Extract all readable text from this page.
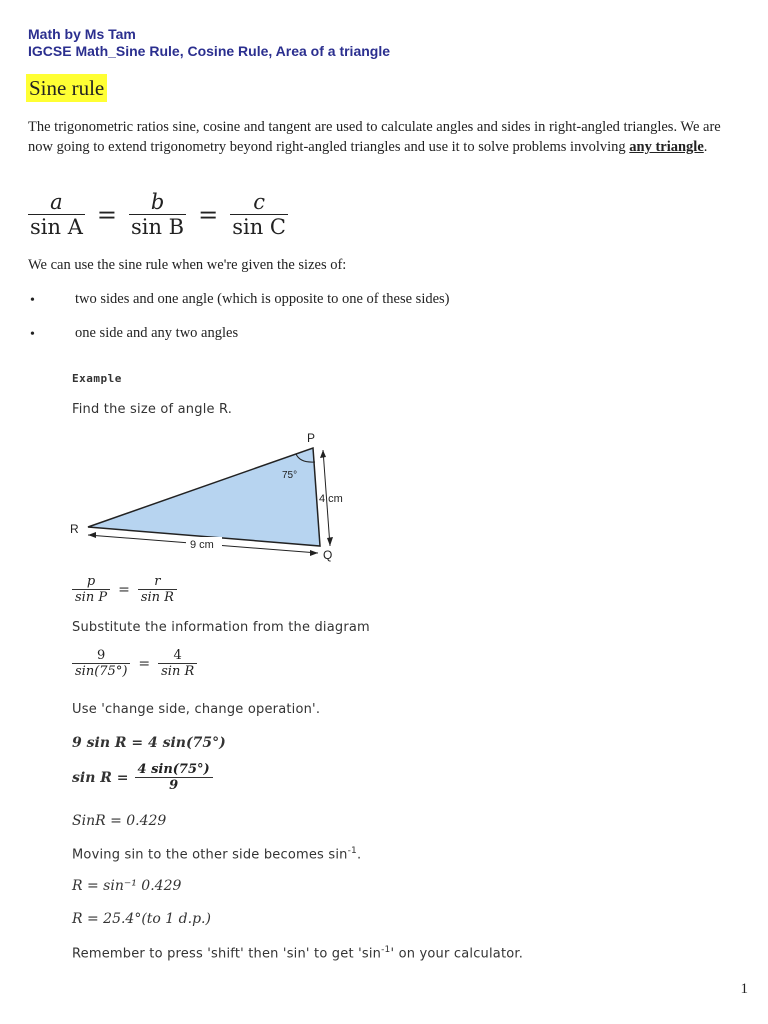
Math by Ms Tam
IGCSE Math_Sine Rule, Cosine Rule, Area of a triangle
Sine rule
The trigonometric ratios sine, cosine and tangent are used to calculate angles and sides in right-angled triangles. We are now going to extend trigonometry beyond right-angled triangles and use it to solve problems involving any triangle.
$\frac{a}{\text{sin A}} = \frac{b}{\text{sin B}} = \frac{c}{\text{sin C}}$
We can use the sine rule when we're given the sizes of:
•	two sides and one angle (which is opposite to one of these sides)
•	one side and any two angles
Example
Find the size of angle R.
P
Q
R
75°
4 cm
9 cm
$\frac{p}{\text{sin P}} = \frac{r}{\text{sin R}}$
Substitute the information from the diagram
$\frac{9}{\sin(75^\circ)} = \frac{4}{\text{sin R}}$
Use 'change side, change operation'.
9 sin R = 4 sin(75°)
$\sin R = \frac{4 \sin(75^\circ)}{9}$
SinR = 0.429
Moving sin to the other side becomes $\sin^{-1}$.
R = sin⁻¹ 0.429
R = 25.4°(to 1 d.p.)
Remember to press 'shift' then 'sin' to get '$\sin^{-1}$' on your calculator.
1
